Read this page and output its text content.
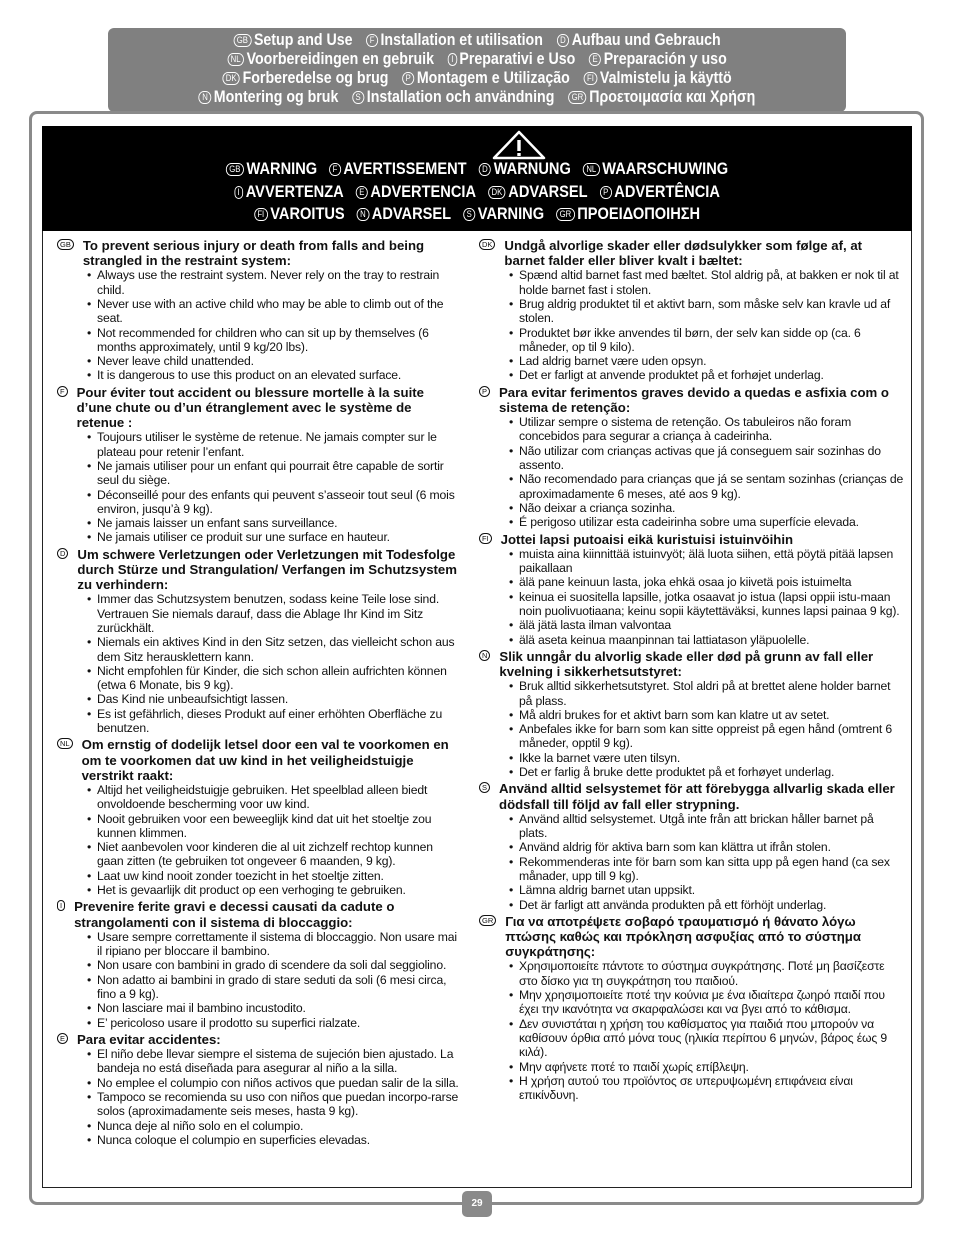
GB Setup and Use F Installation et utilisation D Aufbau und Gebrauch
NL Voorbereidingen en gebruik I Preparativi e Uso E Preparación y uso
DK Forberedelse og brug P Montagem e Utilização FI Valmistelu ja käyttö
N Montering og bruk S Installation och användning GR Προετοιμασία και Χρήση
GB WARNING F AVERTISSEMENT D WARNUNG NL WAARSCHUWING
I AVVERTENZA E ADVERTENCIA DK ADVARSEL P ADVERTÊNCIA
FI VAROITUS N ADVARSEL S VARNING GR ΠΡΟΕΙΔΟΠΟΙΗΣΗ
GB To prevent serious injury or death from falls and being strangled in the restraint system:
• Always use the restraint system. Never rely on the tray to restrain child.
• Never use with an active child who may be able to climb out of the seat.
• Not recommended for children who can sit up by themselves (6 months approximately, until 9 kg/20 lbs).
• Never leave child unattended.
• It is dangerous to use this product on an elevated surface.
F Pour éviter tout accident ou blessure mortelle à la suite d’une chute ou d’un étranglement avec le système de retenue :
• Toujours utiliser le système de retenue. Ne jamais compter sur le plateau pour retenir l’enfant.
• Ne jamais utiliser pour un enfant qui pourrait être capable de sortir seul du siège.
• Déconseillé pour des enfants qui peuvent s’asseoir tout seul (6 mois environ, jusqu’à 9 kg).
• Ne jamais laisser un enfant sans surveillance.
• Ne jamais utiliser ce produit sur une surface en hauteur.
D Um schwere Verletzungen oder Verletzungen mit Todesfolge durch Stürze und Strangulation/ Verfangen im Schutzsystem zu verhindern:
• Immer das Schutzsystem benutzen, sodass keine Teile lose sind. Vertrauen Sie niemals darauf, dass die Ablage Ihr Kind im Sitz zurückhält.
• Niemals ein aktives Kind in den Sitz setzen, das vielleicht schon aus dem Sitz herausklettern kann.
• Nicht empfohlen für Kinder, die sich schon allein aufrichten können (etwa 6 Monate, bis 9 kg).
• Das Kind nie unbeaufsichtigt lassen.
• Es ist gefährlich, dieses Produkt auf einer erhöhten Oberfläche zu benutzen.
NL Om ernstig of dodelijk letsel door een val te voorkomen en om te voorkomen dat uw kind in het veiligheidstuigje verstrikt raakt:
• Altijd het veiligheidstuigje gebruiken. Het speelblad alleen biedt onvoldoende bescherming voor uw kind.
• Nooit gebruiken voor een beweeglijk kind dat uit het stoeltje zou kunnen klimmen.
• Niet aanbevolen voor kinderen die al uit zichzelf rechtop kunnen gaan zitten (te gebruiken tot ongeveer 6 maanden, 9 kg).
• Laat uw kind nooit zonder toezicht in het stoeltje zitten.
• Het is gevaarlijk dit product op een verhoging te gebruiken.
I Prevenire ferite gravi e decessi causati da cadute o strangolamenti con il sistema di bloccaggio:
• Usare sempre correttamente il sistema di bloccaggio. Non usare mai il ripiano per bloccare il bambino.
• Non usare con bambini in grado di scendere da soli dal seggiolino.
• Non adatto ai bambini in grado di stare seduti da soli (6 mesi circa, fino a 9 kg).
• Non lasciare mai il bambino incustodito.
• E’ pericoloso usare il prodotto su superfici rialzate.
E Para evitar accidentes:
• El niño debe llevar siempre el sistema de sujeción bien ajustado. La bandeja no está diseñada para asegurar al niño a la silla.
• No emplee el columpio con niños activos que puedan salir de la silla.
• Tampoco se recomienda su uso con niños que puedan incorpo-rarse solos (aproximadamente seis meses, hasta 9 kg).
• Nunca deje al niño solo en el columpio.
• Nunca coloque el columpio en superficies elevadas.
DK Undgå alvorlige skader eller dødsulykker som følge af, at barnet falder eller bliver kvalt i bæltet:
• Spænd altid barnet fast med bæltet. Stol aldrig på, at bakken er nok til at holde barnet fast i stolen.
• Brug aldrig produktet til et aktivt barn, som måske selv kan kravle ud af stolen.
• Produktet bør ikke anvendes til børn, der selv kan sidde op (ca. 6 måneder, op til 9 kilo).
• Lad aldrig barnet være uden opsyn.
• Det er farligt at anvende produktet på et forhøjet underlag.
P Para evitar ferimentos graves devido a quedas e asfixia com o sistema de retenção:
• Utilizar sempre o sistema de retenção. Os tabuleiros não foram concebidos para segurar a criança à cadeirinha.
• Não utilizar com crianças activas que já conseguem sair sozinhas do assento.
• Não recomendado para crianças que já se sentam sozinhas (crianças de aproximadamente 6 meses, até aos 9 kg).
• Não deixar a criança sozinha.
• É perigoso utilizar esta cadeirinha sobre uma superfície elevada.
FI Jottei lapsi putoaisi eikä kuristuisi istuinvöihin
• muista aina kiinnittää istuinvyöt; älä luota siihen, että pöytä pitää lapsen paikallaan
• älä pane keinuun lasta, joka ehkä osaa jo kiivetä pois istuimelta
• keinua ei suositella lapsille, jotka osaavat jo istua (lapsi oppii istu-maan noin puolivuotiaana; keinu sopii käytettäväksi, kunnes lapsi painaa 9 kg).
• älä jätä lasta ilman valvontaa
• älä aseta keinua maanpinnan tai lattiatason yläpuolelle.
N Slik unngår du alvorlig skade eller død på grunn av fall eller kvelning i sikkerhetsutstyret:
• Bruk alltid sikkerhetsutstyret. Stol aldri på at brettet alene holder barnet på plass.
• Må aldri brukes for et aktivt barn som kan klatre ut av setet.
• Anbefales ikke for barn som kan sitte oppreist på egen hånd (omtrent 6 måneder, opptil 9 kg).
• Ikke la barnet være uten tilsyn.
• Det er farlig å bruke dette produktet på et forhøyet underlag.
S Använd alltid selsystemet för att förebygga allvarlig skada eller dödsfall till följd av fall eller strypning.
• Använd alltid selsystemet. Utgå inte från att brickan håller barnet på plats.
• Använd aldrig för aktiva barn som kan klättra ut ifrån stolen.
• Rekommenderas inte för barn som kan sitta upp på egen hand (ca sex månader, upp till 9 kg).
• Lämna aldrig barnet utan uppsikt.
• Det är farligt att använda produkten på ett förhöjt underlag.
GR Για να αποτρέψετε σοβαρό τραυματισμό ή θάνατο λόγω πτώσης καθώς και πρόκληση ασφυξίας από το σύστημα συγκράτησης:
• Χρησιμοποιείτε πάντοτε το σύστημα συγκράτησης. Ποτέ μη βασίζεστε στο δίσκο για τη συγκράτηση του παιδιού.
• Μην χρησιμοποιείτε ποτέ την κούνια με ένα ιδιαίτερα ζωηρό παιδί που έχει την ικανότητα να σκαρφαλώσει και να βγει από το κάθισμα.
• Δεν συνιστάται η χρήση του καθίσματος για παιδιά που μπορούν να καθίσουν όρθια από μόνα τους (ηλικία περίπου 6 μηνών, βάρος έως 9 κιλά).
• Μην αφήνετε ποτέ το παιδί χωρίς επίβλεψη.
• Η χρήση αυτού του προϊόντος σε υπερυψωμένη επιφάνεια είναι επικίνδυνη.
29
